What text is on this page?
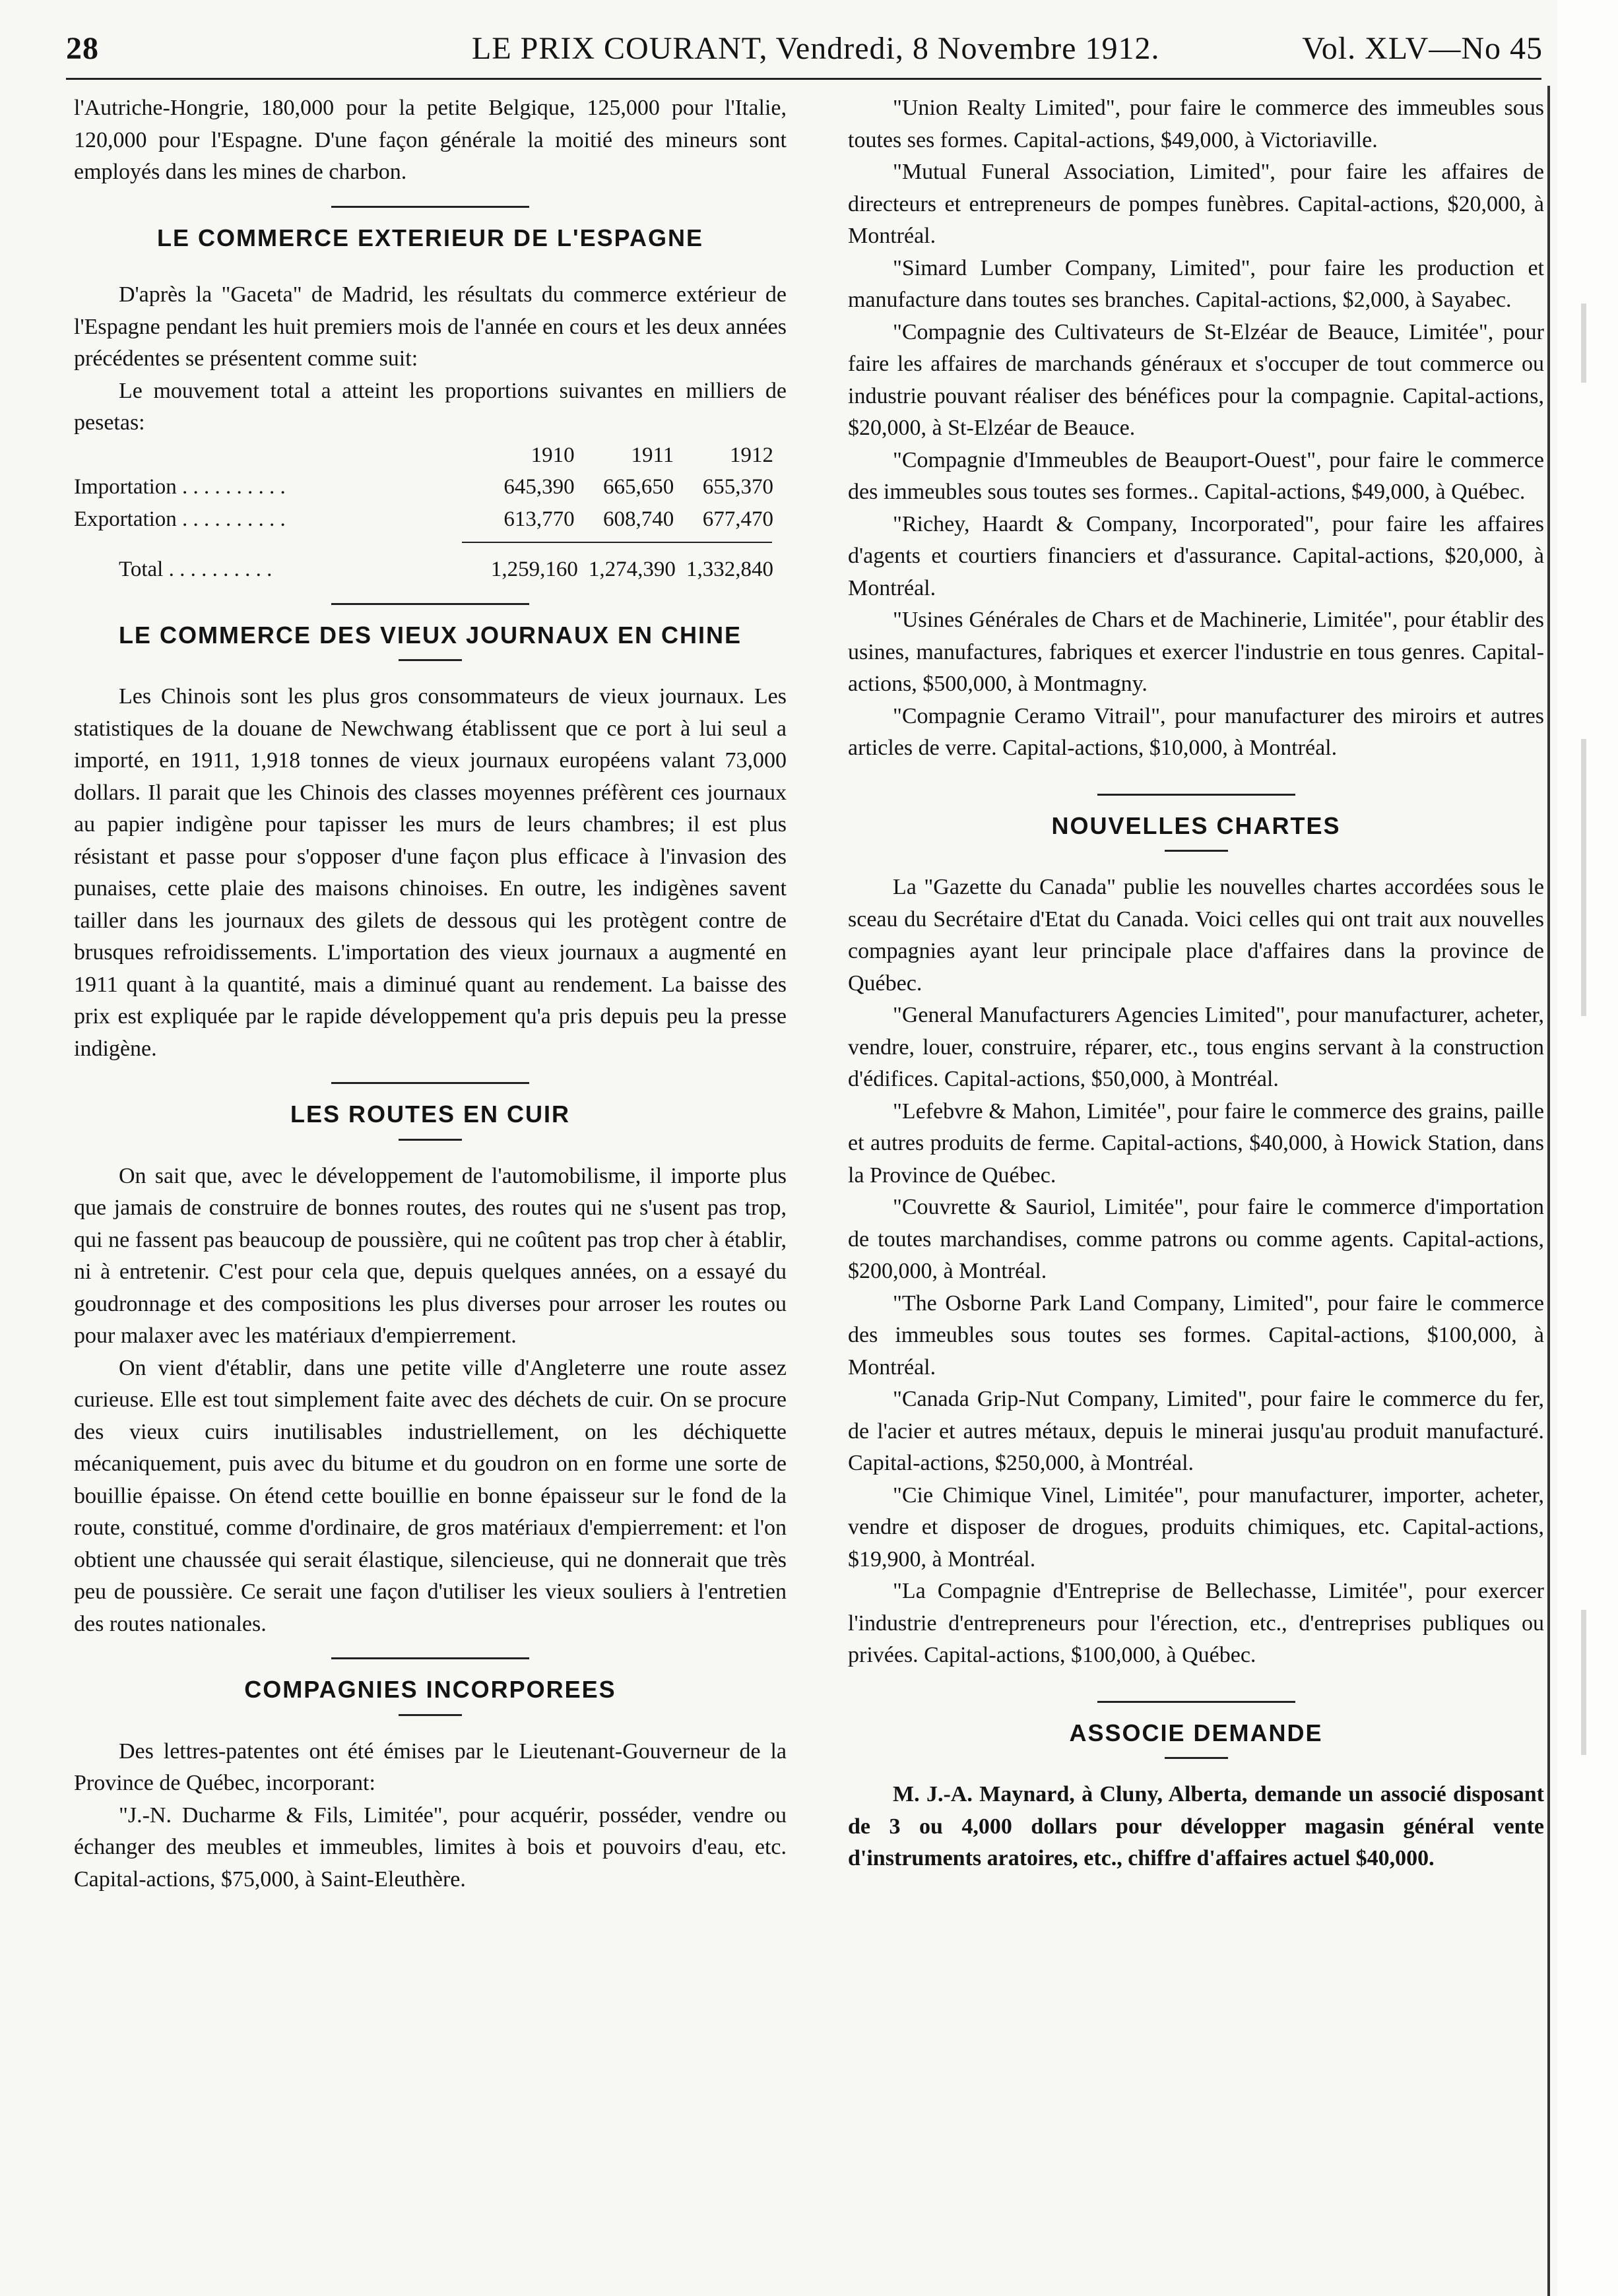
28	LE PRIX COURANT, Vendredi, 8 Novembre 1912.	Vol. XLV—No 45

l'Autriche-Hongrie, 180,000 pour la petite Belgique, 125,000 pour l'Italie, 120,000 pour l'Espagne. D'une façon générale la moitié des mineurs sont employés dans les mines de charbon.

LE COMMERCE EXTERIEUR DE L'ESPAGNE

D'après la "Gaceta" de Madrid, les résultats du commerce extérieur de l'Espagne pendant les huit premiers mois de l'année en cours et les deux années précédentes se présentent comme suit:

Le mouvement total a atteint les proportions suivantes en milliers de pesetas:

	1910	1911	1912
Importation . . . . . . . . . .	645,390	665,650	655,370
Exportation . . . . . . . . . .	613,770	608,740	677,470
Total . . . . . . . . . .	1,259,160	1,274,390	1,332,840
LE COMMERCE DES VIEUX JOURNAUX EN CHINE

Les Chinois sont les plus gros consommateurs de vieux journaux. Les statistiques de la douane de Newchwang établissent que ce port à lui seul a importé, en 1911, 1,918 tonnes de vieux journaux européens valant 73,000 dollars. Il parait que les Chinois des classes moyennes préfèrent ces journaux au papier indigène pour tapisser les murs de leurs chambres; il est plus résistant et passe pour s'opposer d'une façon plus efficace à l'invasion des punaises, cette plaie des maisons chinoises. En outre, les indigènes savent tailler dans les journaux des gilets de dessous qui les protègent contre de brusques refroidissements. L'importation des vieux journaux a augmenté en 1911 quant à la quantité, mais a diminué quant au rendement. La baisse des prix est expliquée par le rapide développement qu'a pris depuis peu la presse indigène.

LES ROUTES EN CUIR

On sait que, avec le développement de l'automobilisme, il importe plus que jamais de construire de bonnes routes, des routes qui ne s'usent pas trop, qui ne fassent pas beaucoup de poussière, qui ne coûtent pas trop cher à établir, ni à entretenir. C'est pour cela que, depuis quelques années, on a essayé du goudronnage et des compositions les plus diverses pour arroser les routes ou pour malaxer avec les matériaux d'empierrement.

On vient d'établir, dans une petite ville d'Angleterre une route assez curieuse. Elle est tout simplement faite avec des déchets de cuir. On se procure des vieux cuirs inutilisables industriellement, on les déchiquette mécaniquement, puis avec du bitume et du goudron on en forme une sorte de bouillie épaisse. On étend cette bouillie en bonne épaisseur sur le fond de la route, constitué, comme d'ordinaire, de gros matériaux d'empierrement: et l'on obtient une chaussée qui serait élastique, silencieuse, qui ne donnerait que très peu de poussière. Ce serait une façon d'utiliser les vieux souliers à l'entretien des routes nationales.

COMPAGNIES INCORPOREES

Des lettres-patentes ont été émises par le Lieutenant-Gouverneur de la Province de Québec, incorporant:

"J.-N. Ducharme & Fils, Limitée", pour acquérir, posséder, vendre ou échanger des meubles et immeubles, limites à bois et pouvoirs d'eau, etc. Capital-actions, $75,000, à Saint-Eleuthère.

"Union Realty Limited", pour faire le commerce des immeubles sous toutes ses formes. Capital-actions, $49,000, à Victoriaville.

"Mutual Funeral Association, Limited", pour faire les affaires de directeurs et entrepreneurs de pompes funèbres. Capital-actions, $20,000, à Montréal.

"Simard Lumber Company, Limited", pour faire les production et manufacture dans toutes ses branches. Capital-actions, $2,000, à Sayabec.

"Compagnie des Cultivateurs de St-Elzéar de Beauce, Limitée", pour faire les affaires de marchands généraux et s'occuper de tout commerce ou industrie pouvant réaliser des bénéfices pour la compagnie. Capital-actions, $20,000, à St-Elzéar de Beauce.

"Compagnie d'Immeubles de Beauport-Ouest", pour faire le commerce des immeubles sous toutes ses formes.. Capital-actions, $49,000, à Québec.

"Richey, Haardt & Company, Incorporated", pour faire les affaires d'agents et courtiers financiers et d'assurance. Capital-actions, $20,000, à Montréal.

"Usines Générales de Chars et de Machinerie, Limitée", pour établir des usines, manufactures, fabriques et exercer l'industrie en tous genres. Capital-actions, $500,000, à Montmagny.

"Compagnie Ceramo Vitrail", pour manufacturer des miroirs et autres articles de verre. Capital-actions, $10,000, à Montréal.

NOUVELLES CHARTES

La "Gazette du Canada" publie les nouvelles chartes accordées sous le sceau du Secrétaire d'Etat du Canada. Voici celles qui ont trait aux nouvelles compagnies ayant leur principale place d'affaires dans la province de Québec.

"General Manufacturers Agencies Limited", pour manufacturer, acheter, vendre, louer, construire, réparer, etc., tous engins servant à la construction d'édifices. Capital-actions, $50,000, à Montréal.

"Lefebvre & Mahon, Limitée", pour faire le commerce des grains, paille et autres produits de ferme. Capital-actions, $40,000, à Howick Station, dans la Province de Québec.

"Couvrette & Sauriol, Limitée", pour faire le commerce d'importation de toutes marchandises, comme patrons ou comme agents. Capital-actions, $200,000, à Montréal.

"The Osborne Park Land Company, Limited", pour faire le commerce des immeubles sous toutes ses formes. Capital-actions, $100,000, à Montréal.

"Canada Grip-Nut Company, Limited", pour faire le commerce du fer, de l'acier et autres métaux, depuis le minerai jusqu'au produit manufacturé. Capital-actions, $250,000, à Montréal.

"Cie Chimique Vinel, Limitée", pour manufacturer, importer, acheter, vendre et disposer de drogues, produits chimiques, etc. Capital-actions, $19,900, à Montréal.

"La Compagnie d'Entreprise de Bellechasse, Limitée", pour exercer l'industrie d'entrepreneurs pour l'érection, etc., d'entreprises publiques ou privées. Capital-actions, $100,000, à Québec.

ASSOCIE DEMANDE

M. J.-A. Maynard, à Cluny, Alberta, demande un associé disposant de 3 ou 4,000 dollars pour développer magasin général vente d'instruments aratoires, etc., chiffre d'affaires actuel $40,000.
